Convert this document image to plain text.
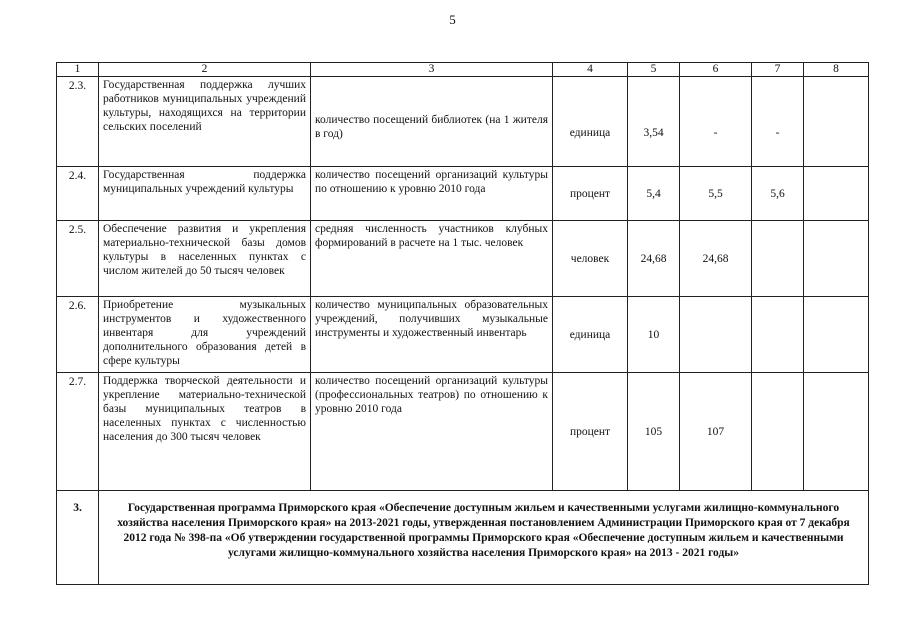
5
1	2	3	4	5	6	7	8
2.3.	Государственная поддержка лучших работников муниципальных учреждений культуры, находящихся на территории сельских поселений	количество посещений библиотек (на 1 жителя в год)	единица	3,54	-	-	
2.4.	Государственная поддержка муниципальных учреждений культуры	количество посещений организаций культуры по отношению к уровню 2010 года	процент	5,4	5,5	5,6	
2.5.	Обеспечение развития и укрепления материально-технической базы домов культуры в населенных пунктах с числом жителей до 50 тысяч человек	средняя численность участников клубных формирований в расчете на 1 тыс. человек	человек	24,68	24,68		
2.6.	Приобретение музыкальных инструментов и художественного инвентаря для учреждений дополнительного образования детей в сфере культуры	количество муниципальных образовательных учреждений, получивших музыкальные инструменты и художественный инвентарь	единица	10			
2.7.	Поддержка творческой деятельности и укрепление материально-технической базы муниципальных театров в населенных пунктах с численностью населения до 300 тысяч человек	количество посещений организаций культуры (профессиональных театров) по отношению к уровню 2010 года	процент	105	107		
3.	Государственная программа Приморского края «Обеспечение доступным жильем и качественными услугами жилищно-коммунального хозяйства населения Приморского края» на 2013-2021 годы, утвержденная постановлением Администрации Приморского края от 7 декабря 2012 года № 398-па «Об утверждении государственной программы Приморского края «Обеспечение доступным жильем и качественными услугами жилищно-коммунального хозяйства населения Приморского края» на 2013 - 2021 годы»						
